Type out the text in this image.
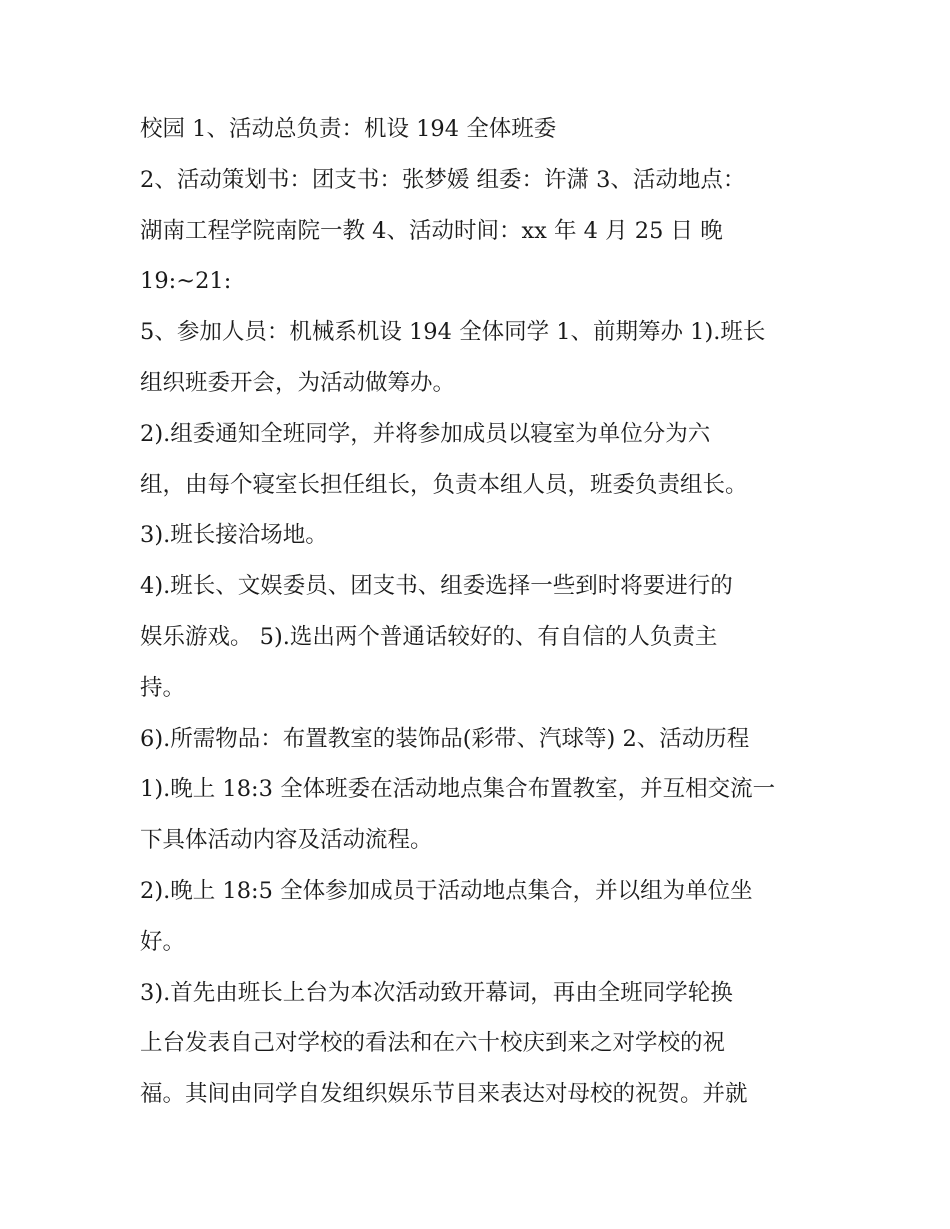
校园 1、活动总负责：机设 194 全体班委
2、活动策划书：团支书：张梦媛 组委：许潇 3、活动地点：
湖南工程学院南院一教 4、活动时间：xx 年 4 月 25 日 晚
19:~21:
5、参加人员：机械系机设 194 全体同学 1、前期筹办 1).班长
组织班委开会，为活动做筹办。
2).组委通知全班同学，并将参加成员以寝室为单位分为六
组，由每个寝室长担任组长，负责本组人员，班委负责组长。
3).班长接洽场地。
4).班长、文娱委员、团支书、组委选择一些到时将要进行的
娱乐游戏。 5).选出两个普通话较好的、有自信的人负责主
持。
6).所需物品：布置教室的装饰品(彩带、汽球等) 2、活动历程
1).晚上 18:3 全体班委在活动地点集合布置教室，并互相交流一
下具体活动内容及活动流程。
2).晚上 18:5 全体参加成员于活动地点集合，并以组为单位坐
好。
3).首先由班长上台为本次活动致开幕词，再由全班同学轮换
上台发表自己对学校的看法和在六十校庆到来之对学校的祝
福。其间由同学自发组织娱乐节目来表达对母校的祝贺。并就
